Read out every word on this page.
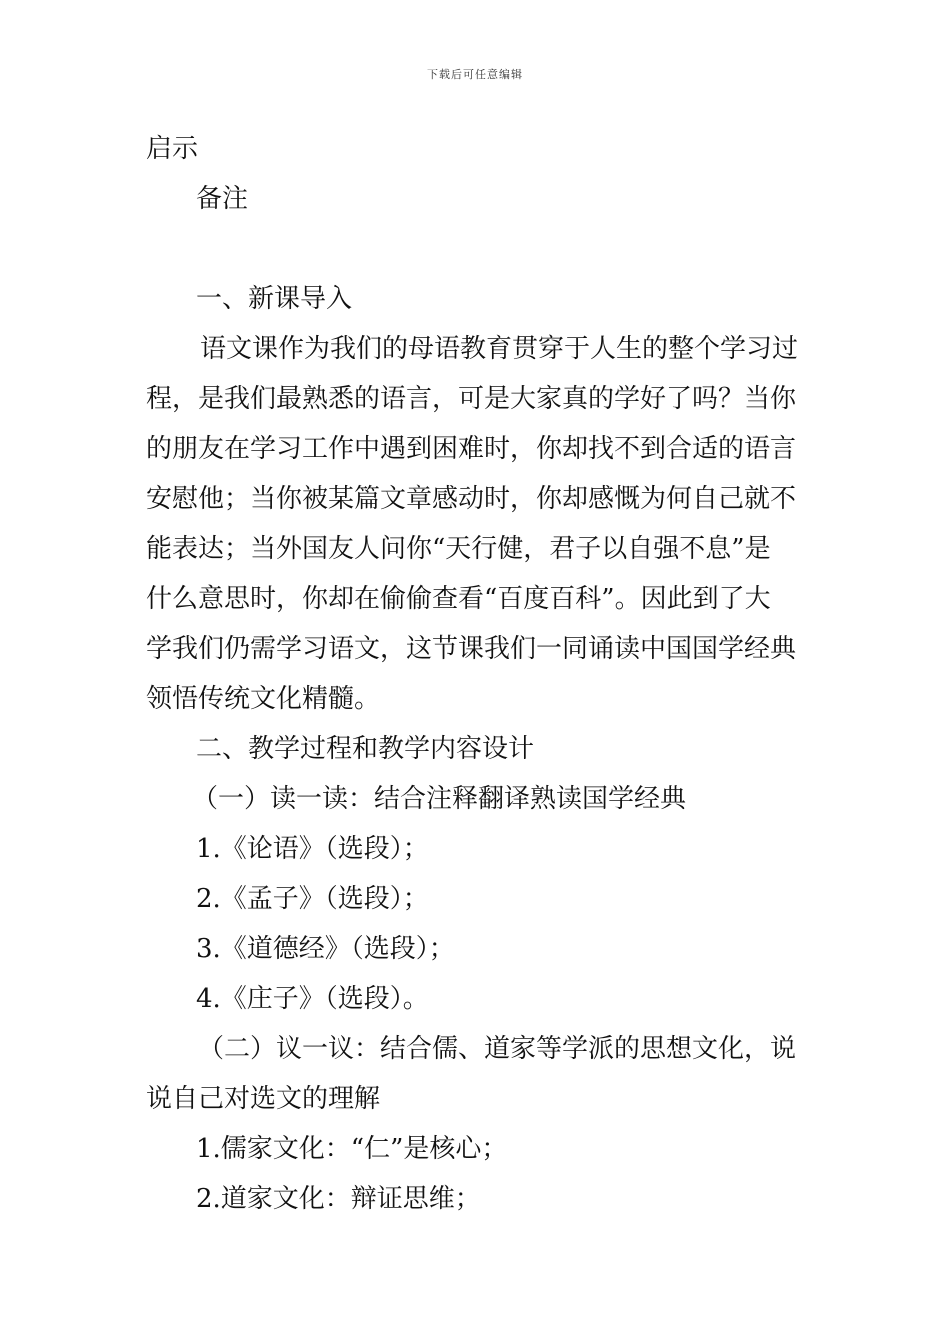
下载后可任意编辑
启示
备注
一、新课导入
语文课作为我们的母语教育贯穿于人生的整个学习过
程，是我们最熟悉的语言，可是大家真的学好了吗？当你
的朋友在学习工作中遇到困难时，你却找不到合适的语言
安慰他；当你被某篇文章感动时，你却感慨为何自己就不
能表达；当外国友人问你“天行健，君子以自强不息”是
什么意思时，你却在偷偷查看“百度百科”。因此到了大
学我们仍需学习语文，这节课我们一同诵读中国国学经典
领悟传统文化精髓。
二、教学过程和教学内容设计
（一）读一读：结合注释翻译熟读国学经典
1.《论语》（选段）；
2.《孟子》（选段）；
3.《道德经》（选段）；
4.《庄子》（选段）。
（二）议一议：结合儒、道家等学派的思想文化，说
说自己对选文的理解
1.儒家文化：“仁”是核心；
2.道家文化：辩证思维；
